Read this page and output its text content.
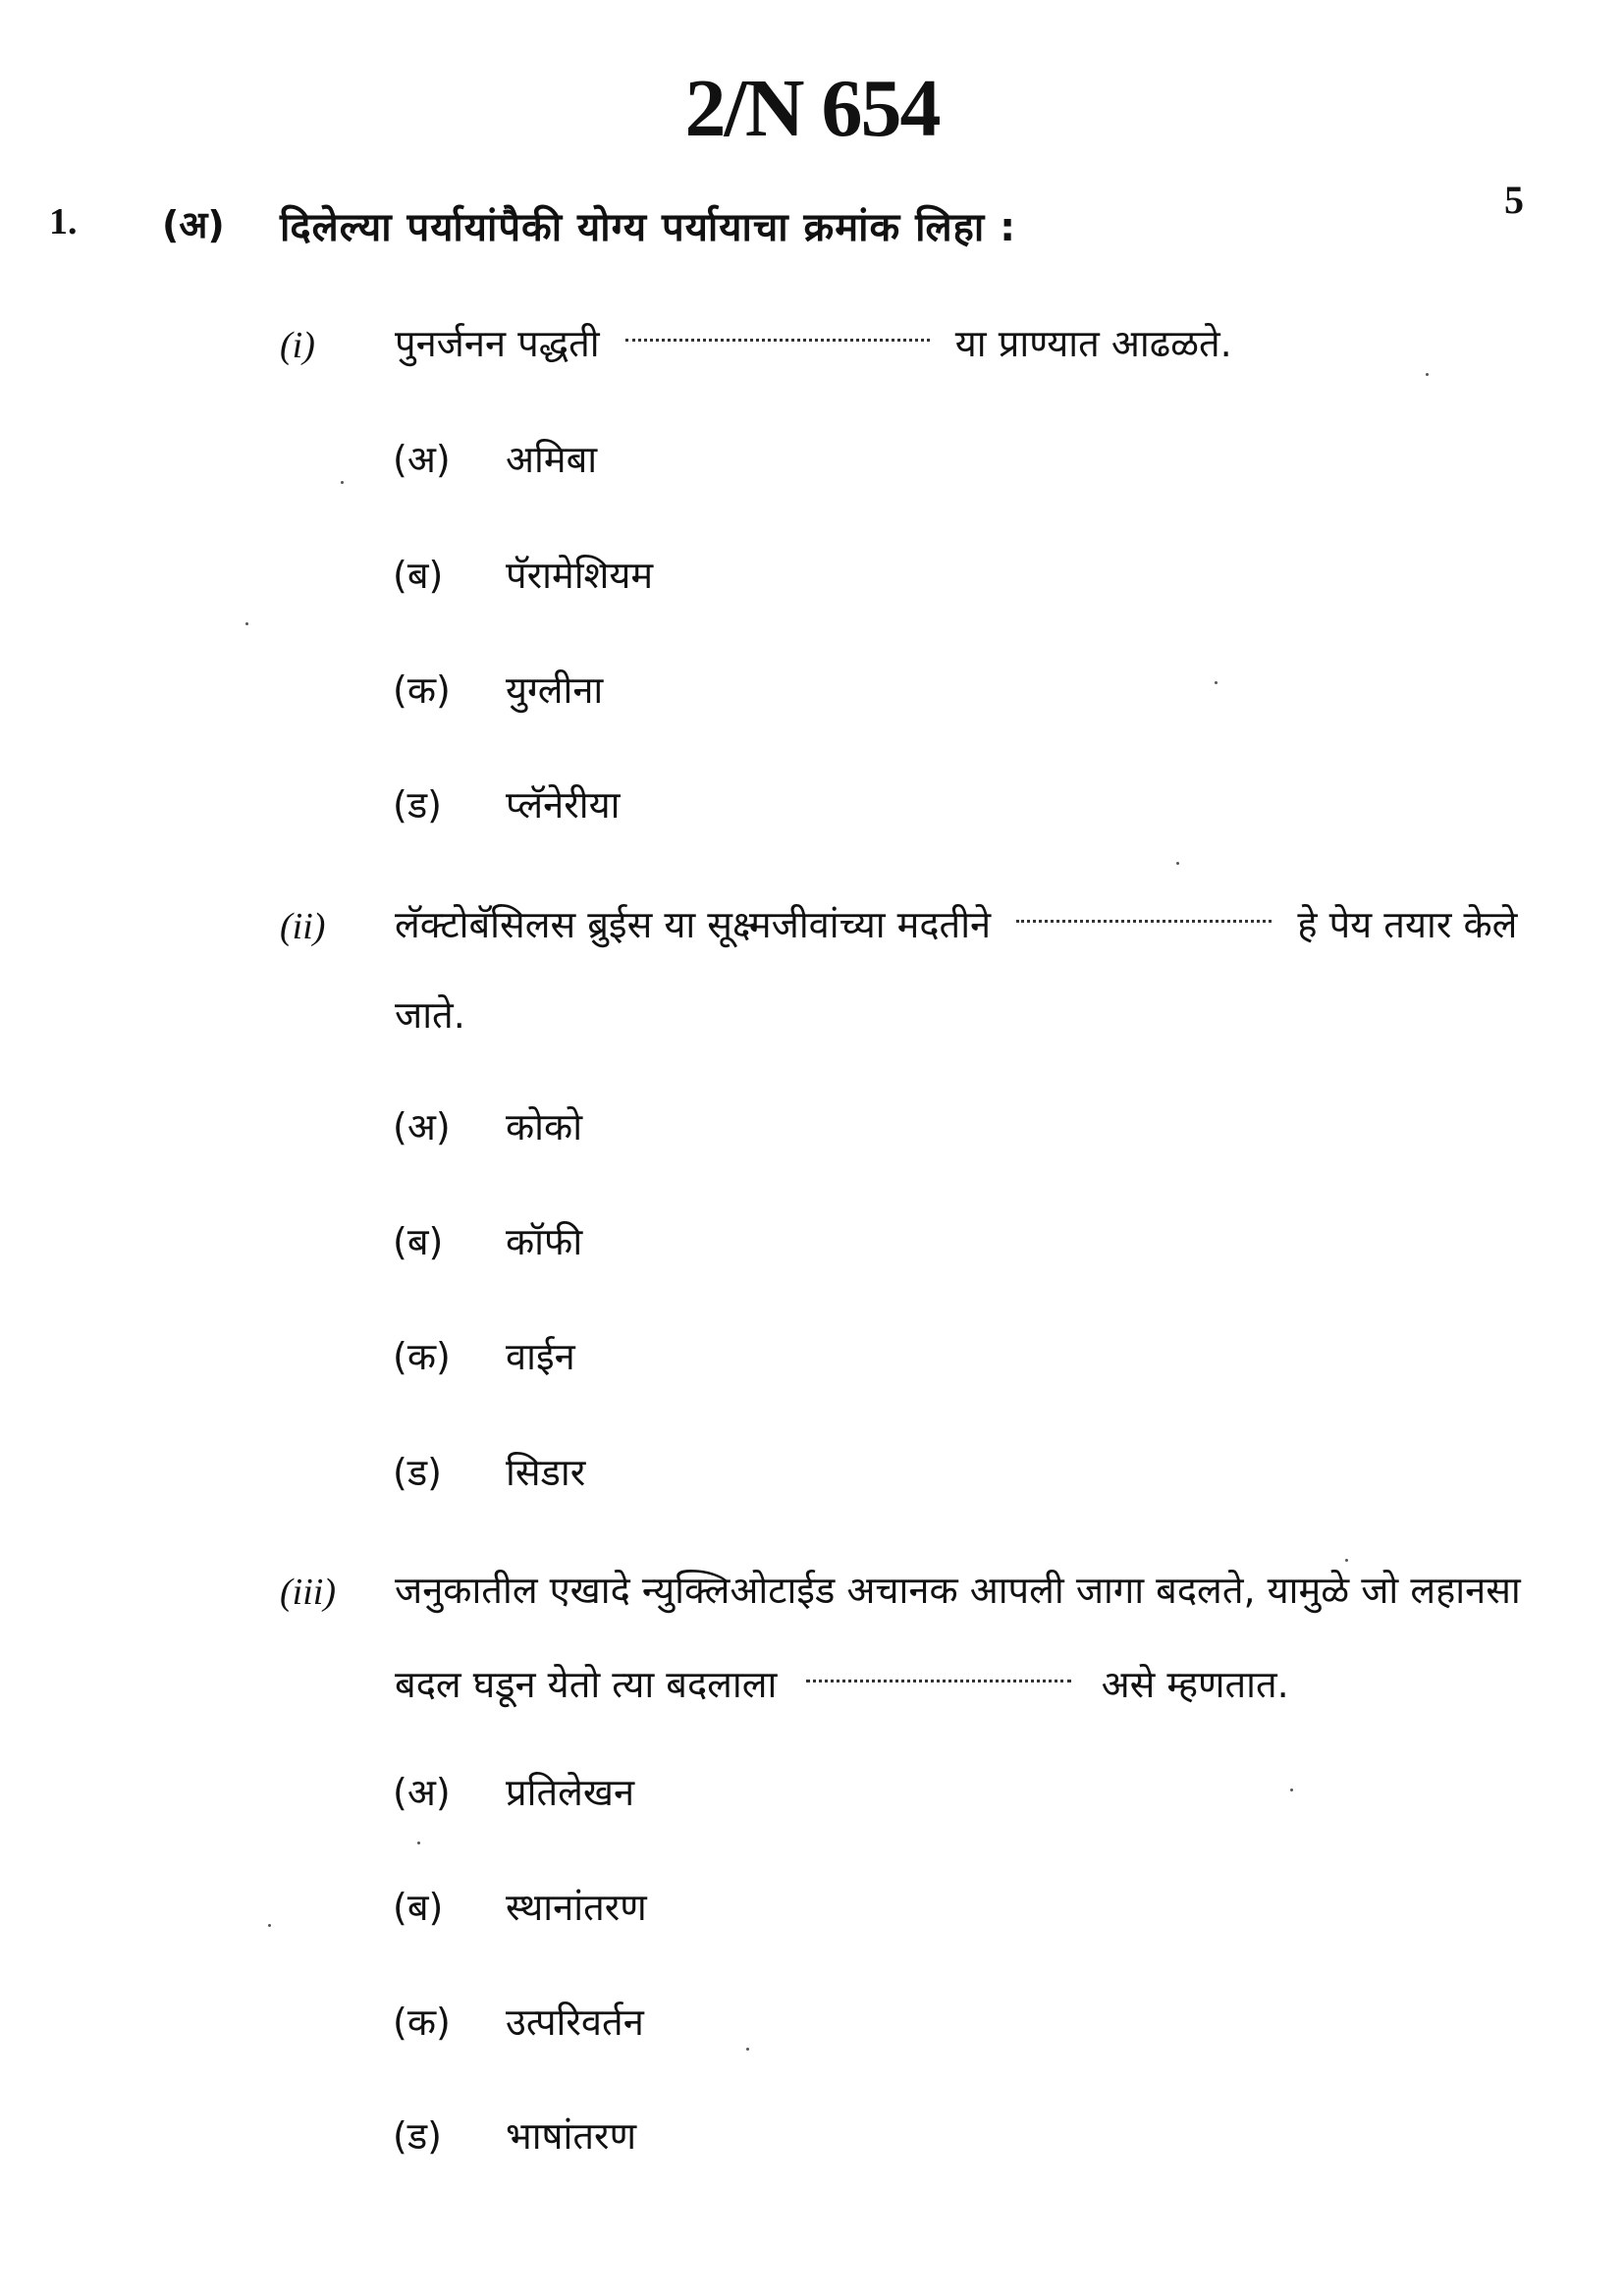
2/N 654
5
1. (अ) दिलेल्या पर्यायांपैकी योग्य पर्यायाचा क्रमांक लिहा :
(i) पुनर्जनन पद्धती	या प्राण्यात आढळते.
(अ) अमिबा
(ब) पॅरामेशियम
(क) युग्लीना
(ड) प्लॅनेरीया
(ii) लॅक्टोबॅसिलस ब्रुईस या सूक्ष्मजीवांच्या मदतीने	हे पेय तयार केले
जाते.
(अ) कोको
(ब) कॉफी
(क) वाईन
(ड) सिडार
(iii) जनुकातील एखादे न्युक्लिओटाईड अचानक आपली जागा बदलते, यामुळे जो लहानसा
बदल घडून येतो त्या बदलाला	असे म्हणतात.
(अ) प्रतिलेखन
(ब) स्थानांतरण
(क) उत्परिवर्तन
(ड) भाषांतरण
